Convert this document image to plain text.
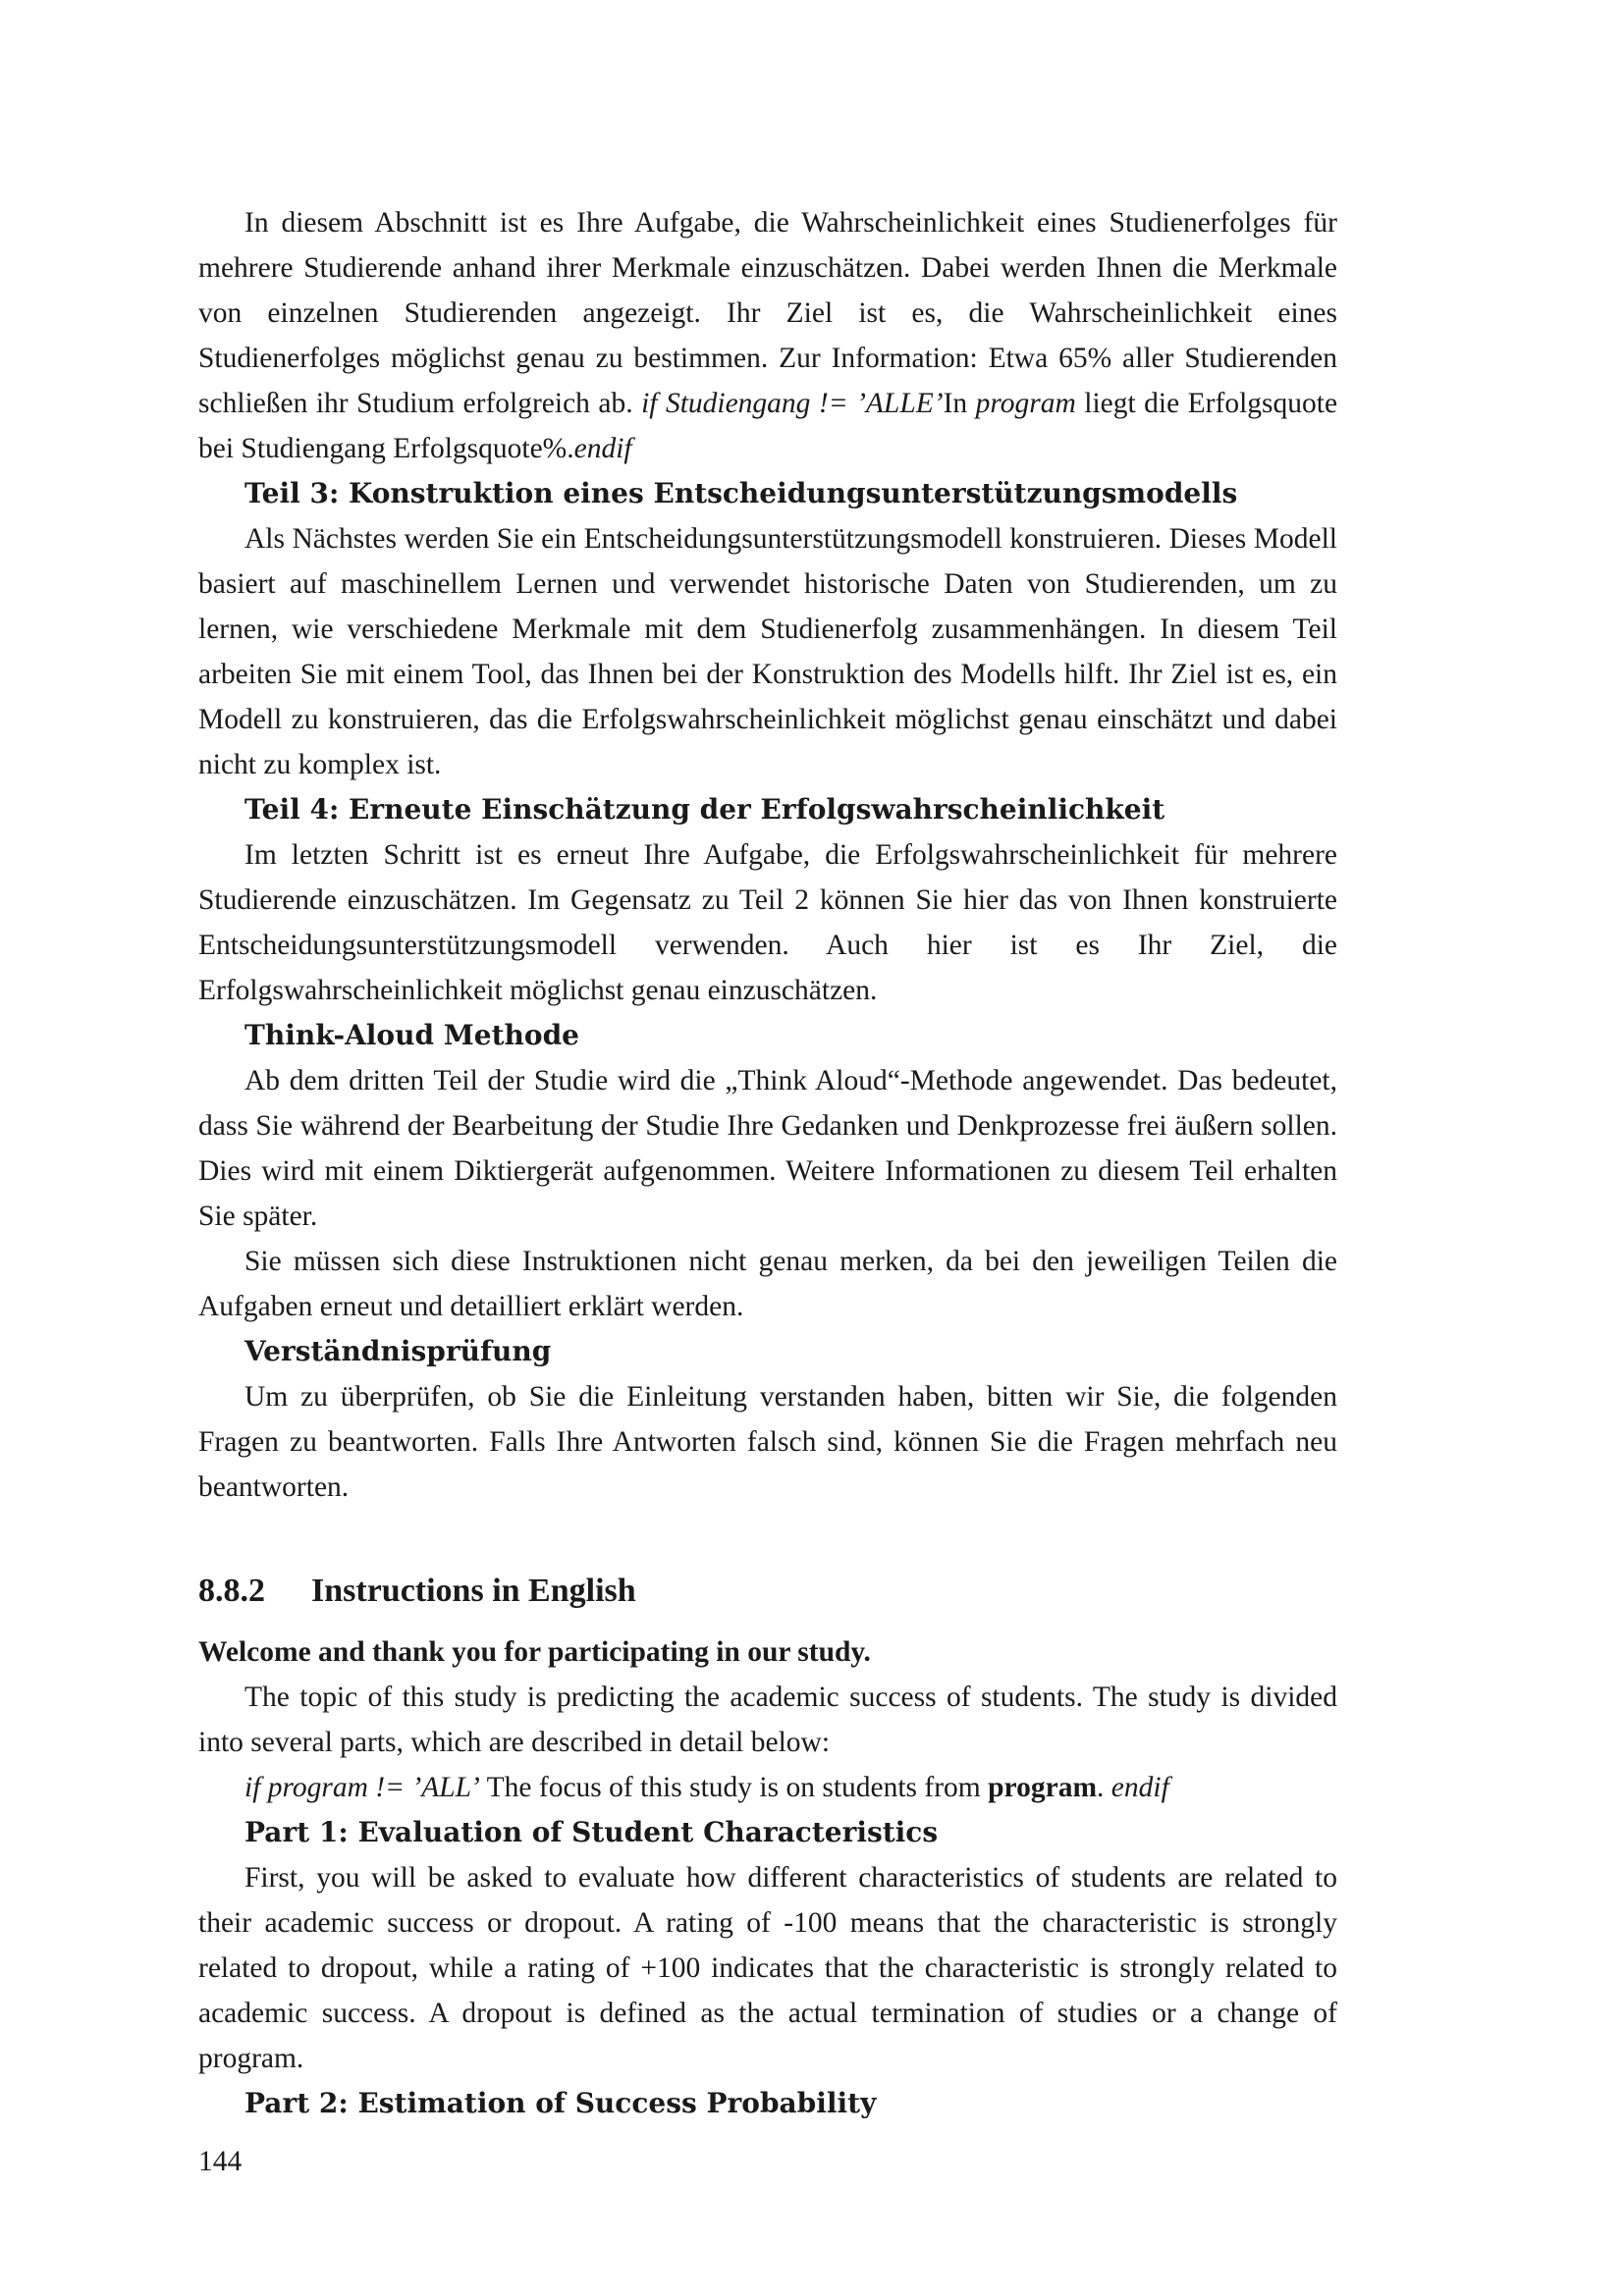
In diesem Abschnitt ist es Ihre Aufgabe, die Wahrscheinlichkeit eines Studienerfolges für mehrere Studierende anhand ihrer Merkmale einzuschätzen. Dabei werden Ihnen die Merkmale von einzelnen Studierenden angezeigt. Ihr Ziel ist es, die Wahrscheinlichkeit eines Studienerfolges möglichst genau zu bestimmen. Zur Information: Etwa 65% aller Studierenden schließen ihr Studium erfolgreich ab. if Studiengang != ’ALLE’In program liegt die Erfolgsquote bei Studiengang Erfolgsquote%.endif

Teil 3: Konstruktion eines Entscheidungsunterstützungsmodells

Als Nächstes werden Sie ein Entscheidungsunterstützungsmodell konstruieren. Dieses Modell basiert auf maschinellem Lernen und verwendet historische Daten von Studierenden, um zu lernen, wie verschiedene Merkmale mit dem Studienerfolg zusammenhängen. In diesem Teil arbeiten Sie mit einem Tool, das Ihnen bei der Konstruktion des Modells hilft. Ihr Ziel ist es, ein Modell zu konstruieren, das die Erfolgswahrscheinlichkeit möglichst genau einschätzt und dabei nicht zu komplex ist.

Teil 4: Erneute Einschätzung der Erfolgswahrscheinlichkeit

Im letzten Schritt ist es erneut Ihre Aufgabe, die Erfolgswahrscheinlichkeit für mehrere Studierende einzuschätzen. Im Gegensatz zu Teil 2 können Sie hier das von Ihnen konstruierte Entscheidungsunterstützungsmodell verwenden. Auch hier ist es Ihr Ziel, die Erfolgswahrscheinlichkeit möglichst genau einzuschätzen.

Think-Aloud Methode

Ab dem dritten Teil der Studie wird die „Think Aloud“-Methode angewendet. Das bedeutet, dass Sie während der Bearbeitung der Studie Ihre Gedanken und Denkprozesse frei äußern sollen. Dies wird mit einem Diktiergerät aufgenommen. Weitere Informationen zu diesem Teil erhalten Sie später.

Sie müssen sich diese Instruktionen nicht genau merken, da bei den jeweiligen Teilen die Aufgaben erneut und detailliert erklärt werden.

Verständnisprüfung

Um zu überprüfen, ob Sie die Einleitung verstanden haben, bitten wir Sie, die folgenden Fragen zu beantworten. Falls Ihre Antworten falsch sind, können Sie die Fragen mehrfach neu beantworten.

8.8.2 Instructions in English

Welcome and thank you for participating in our study.

The topic of this study is predicting the academic success of students. The study is divided into several parts, which are described in detail below:

if program != ’ALL’ The focus of this study is on students from program. endif

Part 1: Evaluation of Student Characteristics

First, you will be asked to evaluate how different characteristics of students are related to their academic success or dropout. A rating of -100 means that the characteristic is strongly related to dropout, while a rating of +100 indicates that the characteristic is strongly related to academic success. A dropout is defined as the actual termination of studies or a change of program.

Part 2: Estimation of Success Probability

144
